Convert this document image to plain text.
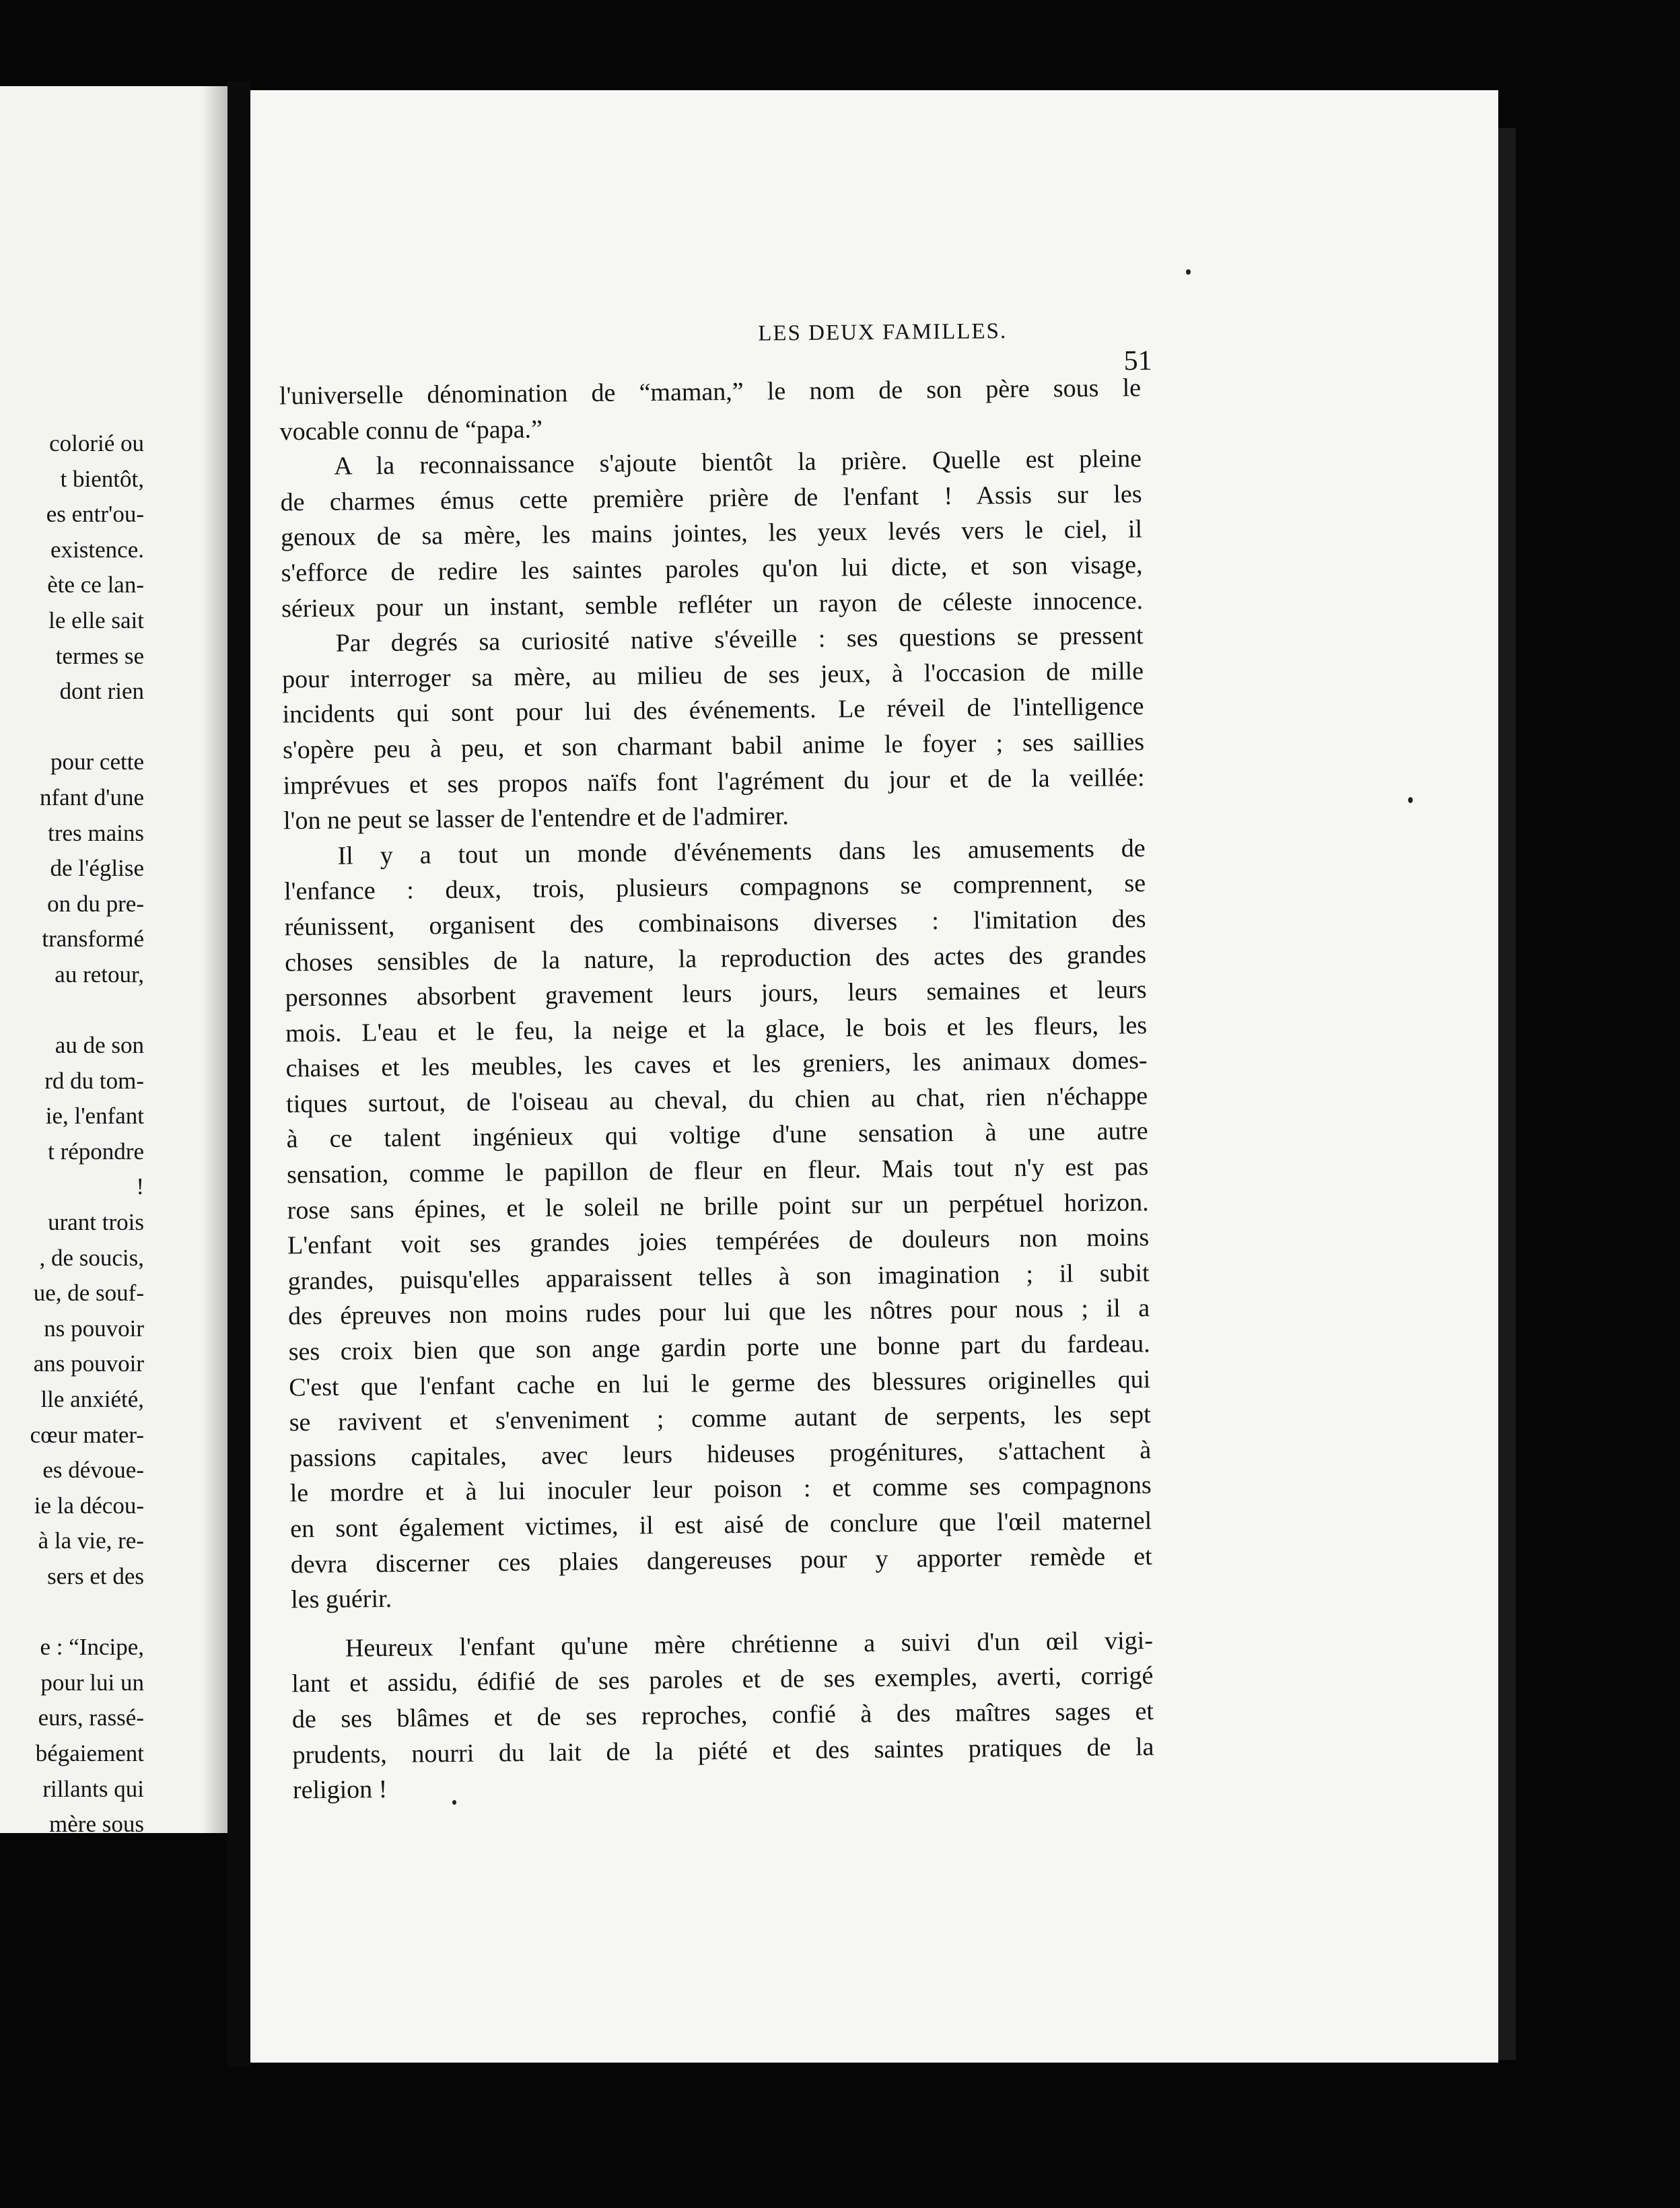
colorié ou
t bientôt,
es entr'ou-
existence.
ète ce lan-
le elle sait
termes se
dont rien
pour cette
nfant d'une
tres mains
de l'église
on du pre-
transformé
au retour,
au de son
rd du tom-
ie, l'enfant
t répondre
!
urant trois
, de soucis,
ue, de souf-
ns pouvoir
ans pouvoir
lle anxiété,
cœur mater-
es dévoue-
ie la décou-
à la vie, re-
sers et des
e : “Incipe,
pour lui un
eurs, rassé-
bégaiement
rillants qui
mère sous
LES DEUX FAMILLES.
51
l'universelle dénomination de “maman,” le nom de son père sous le
vocable connu de “papa.”
A la reconnaissance s'ajoute bientôt la prière. Quelle est pleine
de charmes émus cette première prière de l'enfant ! Assis sur les
genoux de sa mère, les mains jointes, les yeux levés vers le ciel, il
s'efforce de redire les saintes paroles qu'on lui dicte, et son visage,
sérieux pour un instant, semble refléter un rayon de céleste innocence.
Par degrés sa curiosité native s'éveille : ses questions se pressent
pour interroger sa mère, au milieu de ses jeux, à l'occasion de mille
incidents qui sont pour lui des événements. Le réveil de l'intelligence
s'opère peu à peu, et son charmant babil anime le foyer ; ses saillies
imprévues et ses propos naïfs font l'agrément du jour et de la veillée:
l'on ne peut se lasser de l'entendre et de l'admirer.
Il y a tout un monde d'événements dans les amusements de
l'enfance : deux, trois, plusieurs compagnons se comprennent, se
réunissent, organisent des combinaisons diverses : l'imitation des
choses sensibles de la nature, la reproduction des actes des grandes
personnes absorbent gravement leurs jours, leurs semaines et leurs
mois. L'eau et le feu, la neige et la glace, le bois et les fleurs, les
chaises et les meubles, les caves et les greniers, les animaux domes-
tiques surtout, de l'oiseau au cheval, du chien au chat, rien n'échappe
à ce talent ingénieux qui voltige d'une sensation à une autre
sensation, comme le papillon de fleur en fleur. Mais tout n'y est pas
rose sans épines, et le soleil ne brille point sur un perpétuel horizon.
L'enfant voit ses grandes joies tempérées de douleurs non moins
grandes, puisqu'elles apparaissent telles à son imagination ; il subit
des épreuves non moins rudes pour lui que les nôtres pour nous ; il a
ses croix bien que son ange gardin porte une bonne part du fardeau.
C'est que l'enfant cache en lui le germe des blessures originelles qui
se ravivent et s'enveniment ; comme autant de serpents, les sept
passions capitales, avec leurs hideuses progénitures, s'attachent à
le mordre et à lui inoculer leur poison : et comme ses compagnons
en sont également victimes, il est aisé de conclure que l'œil maternel
devra discerner ces plaies dangereuses pour y apporter remède et
les guérir.
Heureux l'enfant qu'une mère chrétienne a suivi d'un œil vigi-
lant et assidu, édifié de ses paroles et de ses exemples, averti, corrigé
de ses blâmes et de ses reproches, confié à des maîtres sages et
prudents, nourri du lait de la piété et des saintes pratiques de la
religion !
